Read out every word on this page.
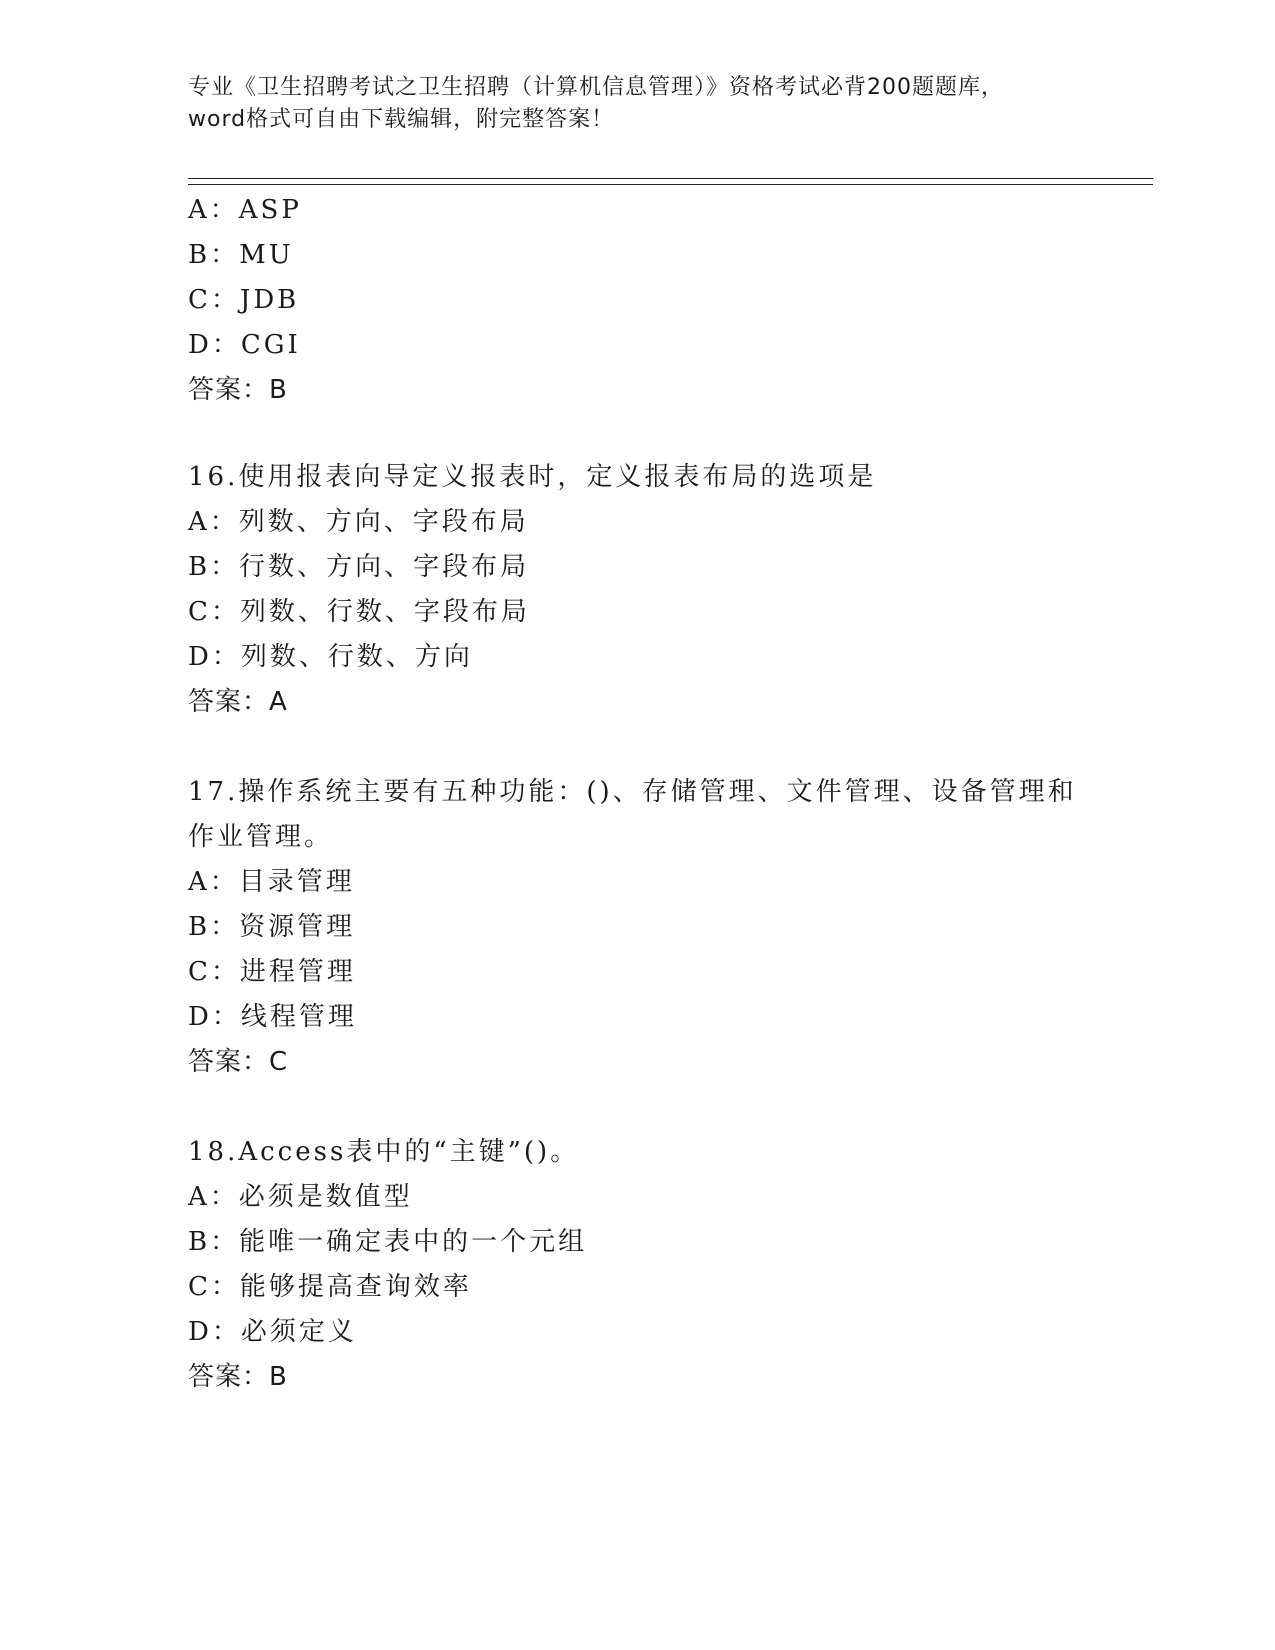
专业《卫生招聘考试之卫生招聘（计算机信息管理）》资格考试必背200题题库，
word格式可自由下载编辑，附完整答案！
A：ASP
B：MU
C：JDB
D：CGI
答案：B
16.使用报表向导定义报表时，定义报表布局的选项是
A：列数、方向、字段布局
B：行数、方向、字段布局
C：列数、行数、字段布局
D：列数、行数、方向
答案：A
17.操作系统主要有五种功能：()、存储管理、文件管理、设备管理和
作业管理。
A：目录管理
B：资源管理
C：进程管理
D：线程管理
答案：C
18.Access表中的“主键”()。
A：必须是数值型
B：能唯一确定表中的一个元组
C：能够提高查询效率
D：必须定义
答案：B
